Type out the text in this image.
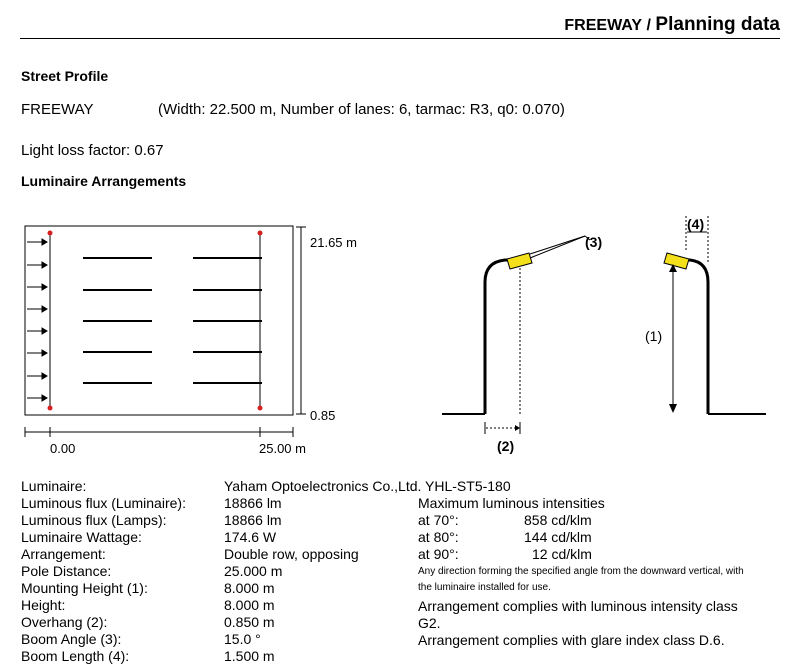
FREEWAY / Planning data
Street Profile
FREEWAY	(Width: 22.500 m, Number of lanes: 6, tarmac: R3, q0: 0.070)
Light loss factor: 0.67
Luminaire Arrangements
21.65 m
0.85
0.00	25.00 m
(3)
(2)
(1)
(4)
Luminaire:	Yaham Optoelectronics Co.,Ltd. YHL-ST5-180
Luminous flux (Luminaire):	18866 lm
Luminous flux (Lamps):	18866 lm
Luminaire Wattage:	174.6 W
Arrangement:	Double row, opposing
Pole Distance:	25.000 m
Mounting Height (1):	8.000 m
Height:	8.000 m
Overhang (2):	0.850 m
Boom Angle (3):	15.0 °
Boom Length (4):	1.500 m
Maximum luminous intensities
at 70°:	858 cd/klm
at 80°:	144 cd/klm
at 90°:	12 cd/klm
Any direction forming the specified angle from the downward vertical, with
the luminaire installed for use.
Arrangement complies with luminous intensity class
G2.
Arrangement complies with glare index class D.6.
